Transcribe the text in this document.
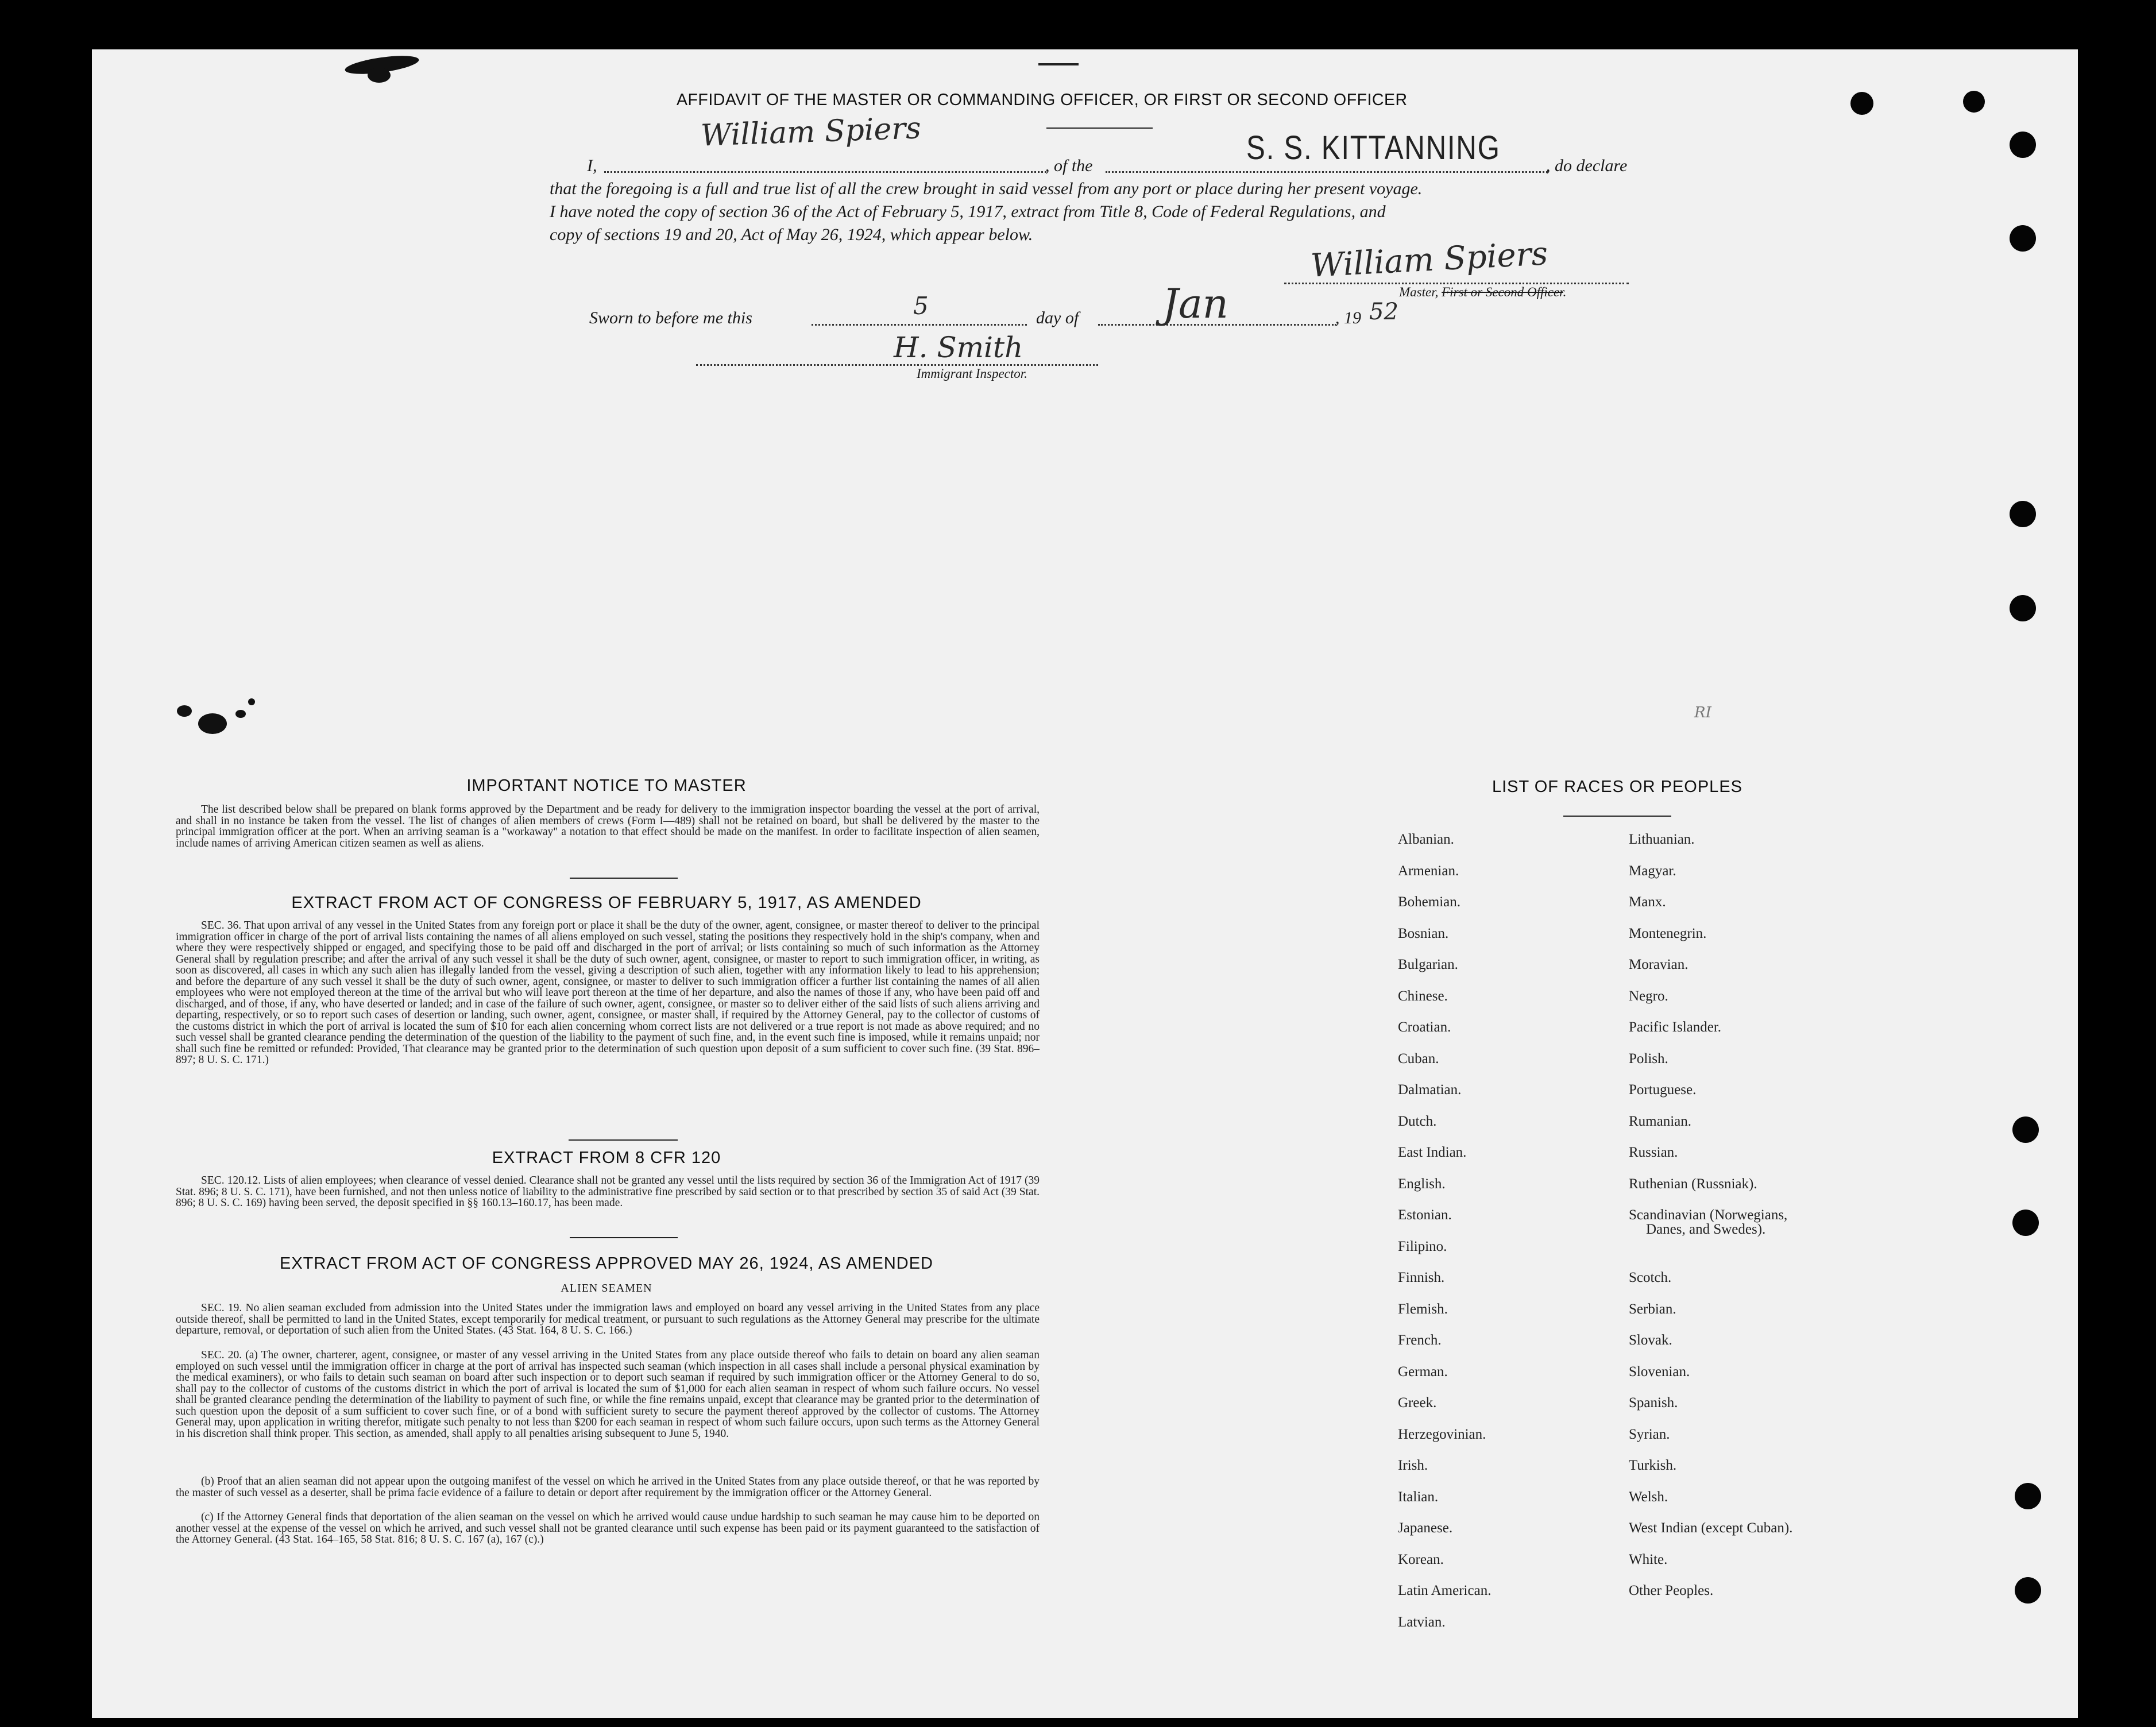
AFFIDAVIT OF THE MASTER OR COMMANDING OFFICER, OR FIRST OR SECOND OFFICER
William Spiers	S. S. KITTANNING
I,	, of the	, do declare
that the foregoing is a full and true list of all the crew brought in said vessel from any port or place during her present voyage.
I have noted the copy of section 36 of the Act of February 5, 1917, extract from Title 8, Code of Federal Regulations, and
copy of sections 19 and 20, Act of May 26, 1924, which appear below.
William Spiers
Master, First or Second Officer.
Sworn to before me this	5	day of Jan	, 19 52
H. Smith
Immigrant Inspector.
RI
IMPORTANT NOTICE TO MASTER
The list described below shall be prepared on blank forms approved by the Department and be ready for delivery to the immigration inspector boarding the vessel at the port of arrival, and shall in no instance be taken from the vessel. The list of changes of alien members of crews (Form I—489) shall not be retained on board, but shall be delivered by the master to the principal immigration officer at the port. When an arriving seaman is a "workaway" a notation to that effect should be made on the manifest. In order to facilitate inspection of alien seamen, include names of arriving American citizen seamen as well as aliens.
EXTRACT FROM ACT OF CONGRESS OF FEBRUARY 5, 1917, AS AMENDED
SEC. 36. That upon arrival of any vessel in the United States from any foreign port or place it shall be the duty of the owner, agent, consignee, or master thereof to deliver to the principal immigration officer in charge of the port of arrival lists containing the names of all aliens employed on such vessel, stating the positions they respectively hold in the ship's company, when and where they were respectively shipped or engaged, and specifying those to be paid off and discharged in the port of arrival; or lists containing so much of such information as the Attorney General shall by regulation prescribe; and after the arrival of any such vessel it shall be the duty of such owner, agent, consignee, or master to report to such immigration officer, in writing, as soon as discovered, all cases in which any such alien has illegally landed from the vessel, giving a description of such alien, together with any information likely to lead to his apprehension; and before the departure of any such vessel it shall be the duty of such owner, agent, consignee, or master to deliver to such immigration officer a further list containing the names of all alien employees who were not employed thereon at the time of the arrival but who will leave port thereon at the time of her departure, and also the names of those if any, who have been paid off and discharged, and of those, if any, who have deserted or landed; and in case of the failure of such owner, agent, consignee, or master so to deliver either of the said lists of such aliens arriving and departing, respectively, or so to report such cases of desertion or landing, such owner, agent, consignee, or master shall, if required by the Attorney General, pay to the collector of customs of the customs district in which the port of arrival is located the sum of $10 for each alien concerning whom correct lists are not delivered or a true report is not made as above required; and no such vessel shall be granted clearance pending the determination of the question of the liability to the payment of such fine, and, in the event such fine is imposed, while it remains unpaid; nor shall such fine be remitted or refunded: Provided, That clearance may be granted prior to the determination of such question upon deposit of a sum sufficient to cover such fine. (39 Stat. 896–897; 8 U. S. C. 171.)
EXTRACT FROM 8 CFR 120
SEC. 120.12. Lists of alien employees; when clearance of vessel denied. Clearance shall not be granted any vessel until the lists required by section 36 of the Immigration Act of 1917 (39 Stat. 896; 8 U. S. C. 171), have been furnished, and not then unless notice of liability to the administrative fine prescribed by said section or to that prescribed by section 35 of said Act (39 Stat. 896; 8 U. S. C. 169) having been served, the deposit specified in §§ 160.13–160.17, has been made.
EXTRACT FROM ACT OF CONGRESS APPROVED MAY 26, 1924, AS AMENDED
ALIEN SEAMEN
SEC. 19. No alien seaman excluded from admission into the United States under the immigration laws and employed on board any vessel arriving in the United States from any place outside thereof, shall be permitted to land in the United States, except temporarily for medical treatment, or pursuant to such regulations as the Attorney General may prescribe for the ultimate departure, removal, or deportation of such alien from the United States. (43 Stat. 164, 8 U. S. C. 166.)
SEC. 20. (a) The owner, charterer, agent, consignee, or master of any vessel arriving in the United States from any place outside thereof who fails to detain on board any alien seaman employed on such vessel until the immigration officer in charge at the port of arrival has inspected such seaman (which inspection in all cases shall include a personal physical examination by the medical examiners), or who fails to detain such seaman on board after such inspection or to deport such seaman if required by such immigration officer or the Attorney General to do so, shall pay to the collector of customs of the customs district in which the port of arrival is located the sum of $1,000 for each alien seaman in respect of whom such failure occurs. No vessel shall be granted clearance pending the determination of the liability to payment of such fine, or while the fine remains unpaid, except that clearance may be granted prior to the determination of such question upon the deposit of a sum sufficient to cover such fine, or of a bond with sufficient surety to secure the payment thereof approved by the collector of customs. The Attorney General may, upon application in writing therefor, mitigate such penalty to not less than $200 for each seaman in respect of whom such failure occurs, upon such terms as the Attorney General in his discretion shall think proper. This section, as amended, shall apply to all penalties arising subsequent to June 5, 1940.
(b) Proof that an alien seaman did not appear upon the outgoing manifest of the vessel on which he arrived in the United States from any place outside thereof, or that he was reported by the master of such vessel as a deserter, shall be prima facie evidence of a failure to detain or deport after requirement by the immigration officer or the Attorney General.
(c) If the Attorney General finds that deportation of the alien seaman on the vessel on which he arrived would cause undue hardship to such seaman he may cause him to be deported on another vessel at the expense of the vessel on which he arrived, and such vessel shall not be granted clearance until such expense has been paid or its payment guaranteed to the satisfaction of the Attorney General. (43 Stat. 164–165, 58 Stat. 816; 8 U. S. C. 167 (a), 167 (c).)
LIST OF RACES OR PEOPLES
Albanian.
Armenian.
Bohemian.
Bosnian.
Bulgarian.
Chinese.
Croatian.
Cuban.
Dalmatian.
Dutch.
East Indian.
English.
Estonian.
Filipino.
Finnish.
Flemish.
French.
German.
Greek.
Herzegovinian.
Irish.
Italian.
Japanese.
Korean.
Latin American.
Latvian.
Lithuanian.
Magyar.
Manx.
Montenegrin.
Moravian.
Negro.
Pacific Islander.
Polish.
Portuguese.
Rumanian.
Russian.
Ruthenian (Russniak).
Scandinavian (Norwegians,
Danes, and Swedes).
Scotch.
Serbian.
Slovak.
Slovenian.
Spanish.
Syrian.
Turkish.
Welsh.
West Indian (except Cuban).
White.
Other Peoples.
